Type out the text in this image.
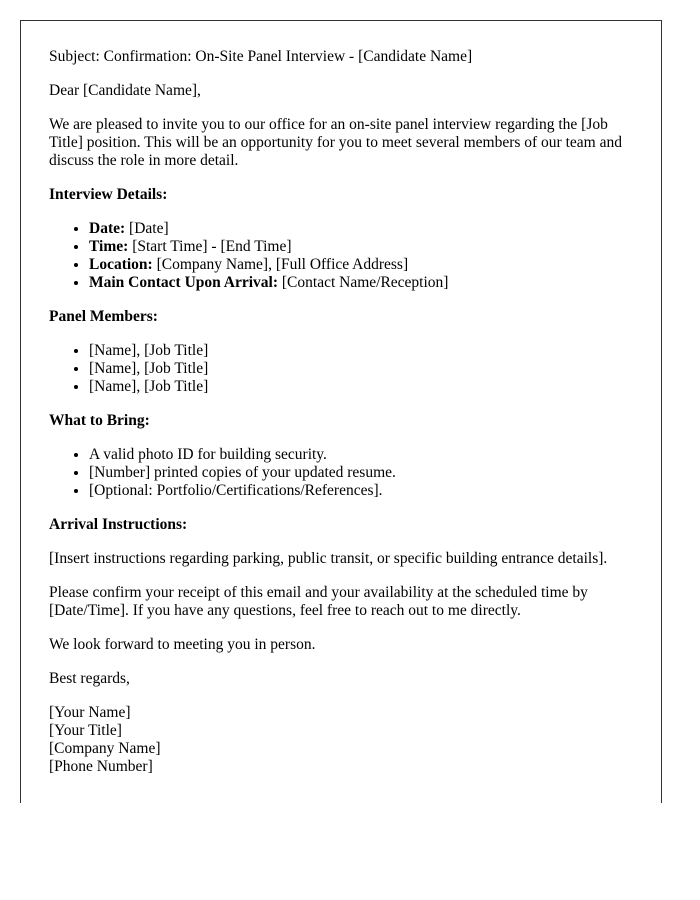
Subject: Confirmation: On-Site Panel Interview - [Candidate Name]

Dear [Candidate Name],

We are pleased to invite you to our office for an on-site panel interview regarding the [Job Title] position. This will be an opportunity for you to meet several members of our team and discuss the role in more detail.

Interview Details:

• Date: [Date]
• Time: [Start Time] - [End Time]
• Location: [Company Name], [Full Office Address]
• Main Contact Upon Arrival: [Contact Name/Reception]

Panel Members:

• [Name], [Job Title]
• [Name], [Job Title]
• [Name], [Job Title]

What to Bring:

• A valid photo ID for building security.
• [Number] printed copies of your updated resume.
• [Optional: Portfolio/Certifications/References].

Arrival Instructions:

[Insert instructions regarding parking, public transit, or specific building entrance details].

Please confirm your receipt of this email and your availability at the scheduled time by [Date/Time]. If you have any questions, feel free to reach out to me directly.

We look forward to meeting you in person.

Best regards,

[Your Name]
[Your Title]
[Company Name]
[Phone Number]
